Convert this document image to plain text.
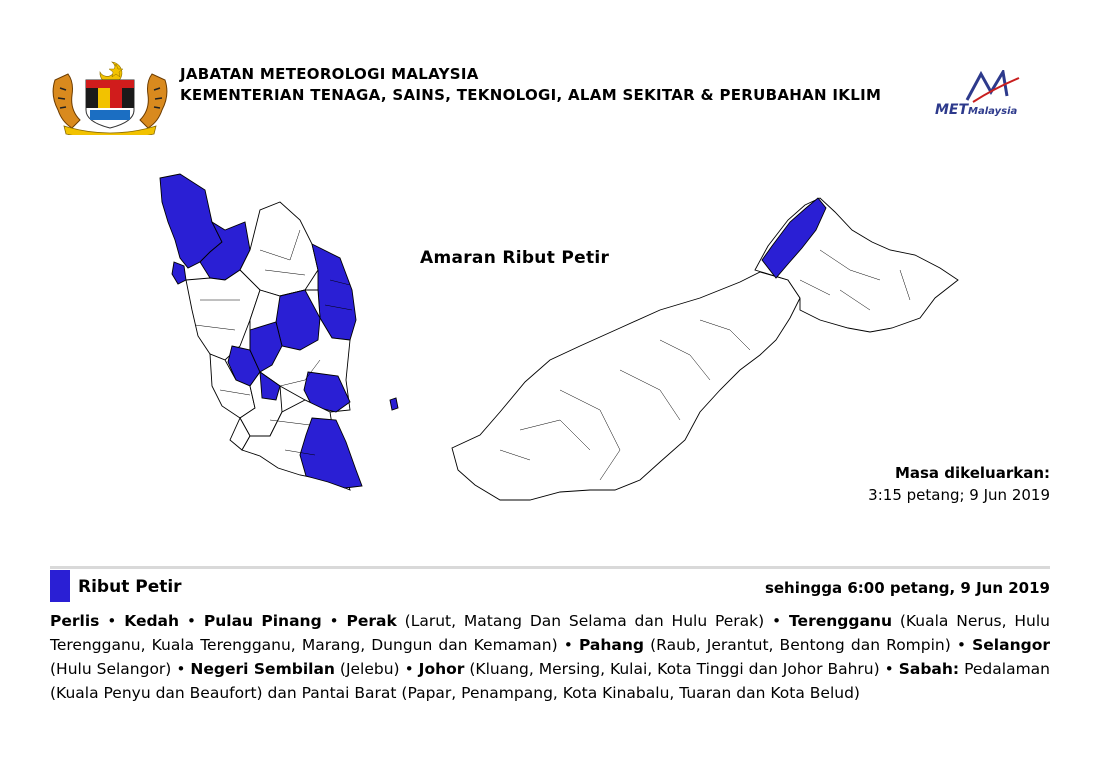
JABATAN METEOROLOGI MALAYSIA
KEMENTERIAN TENAGA, SAINS, TEKNOLOGI, ALAM SEKITAR & PERUBAHAN IKLIM
METMalaysia
Amaran Ribut Petir
Masa dikeluarkan:
3:15 petang; 9 Jun 2019
Ribut Petir	sehingga 6:00 petang, 9 Jun 2019
Perlis • Kedah • Pulau Pinang • Perak (Larut, Matang Dan Selama dan Hulu Perak) • Terengganu (Kuala Nerus, Hulu Terengganu, Kuala Terengganu, Marang, Dungun dan Kemaman) • Pahang (Raub, Jerantut, Bentong dan Rompin) • Selangor (Hulu Selangor) • Negeri Sembilan (Jelebu) • Johor (Kluang, Mersing, Kulai, Kota Tinggi dan Johor Bahru) • Sabah: Pedalaman (Kuala Penyu dan Beaufort) dan Pantai Barat (Papar, Penampang, Kota Kinabalu, Tuaran dan Kota Belud)
